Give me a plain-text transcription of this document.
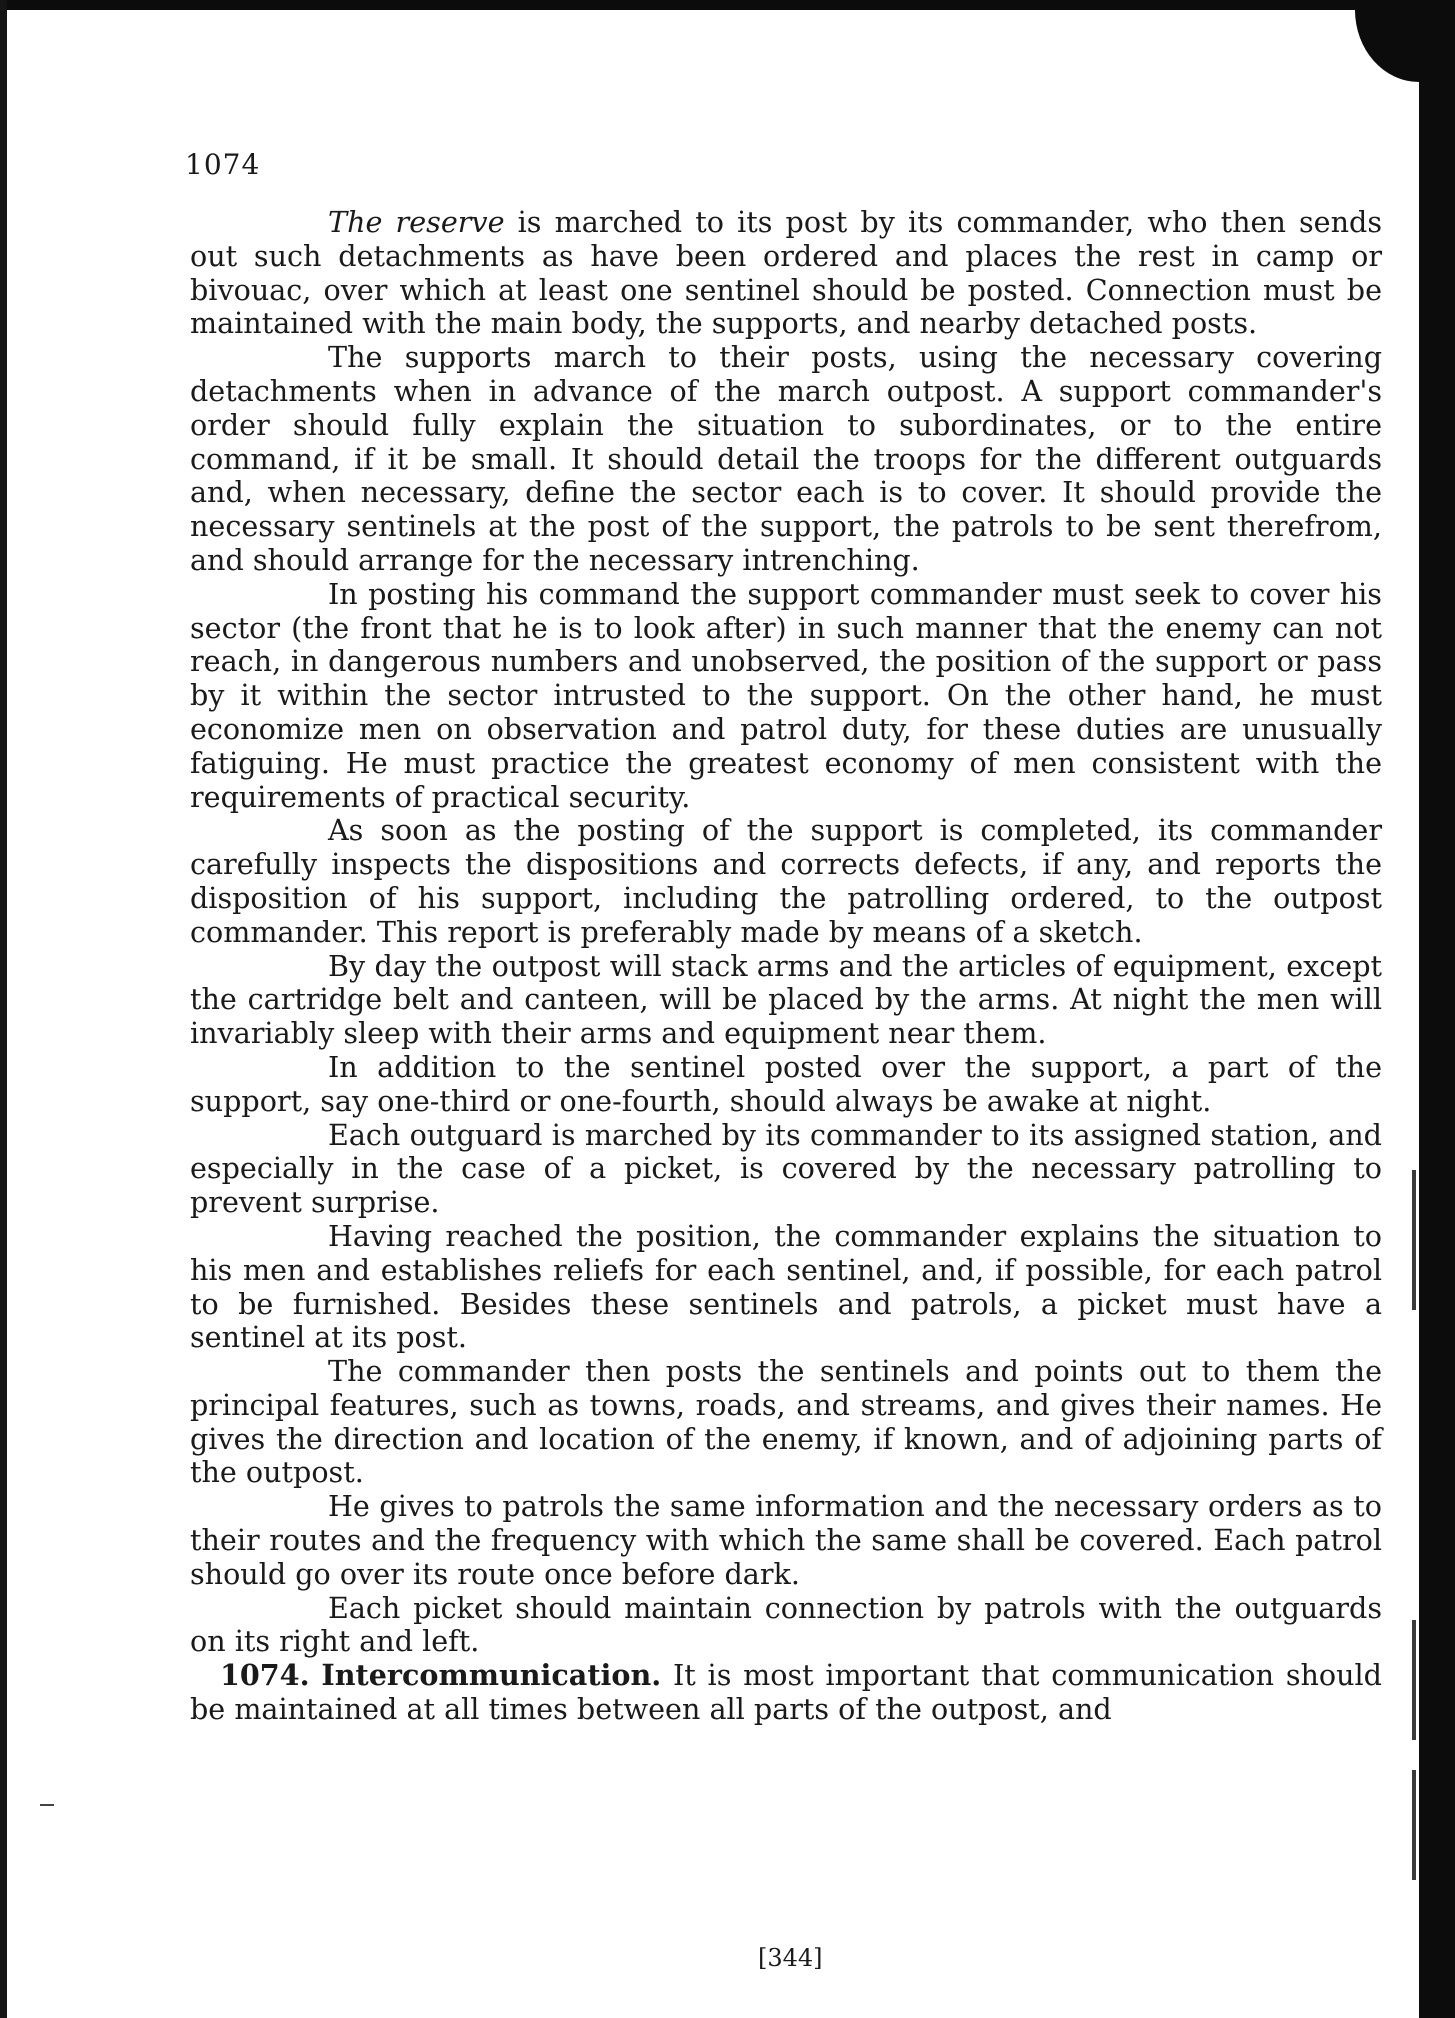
1074

The reserve is marched to its post by its commander, who then sends out such detachments as have been ordered and places the rest in camp or bivouac, over which at least one sentinel should be posted. Connection must be maintained with the main body, the supports, and nearby detached posts.

The supports march to their posts, using the necessary covering detachments when in advance of the march outpost. A support commander's order should fully explain the situation to subordinates, or to the entire command, if it be small. It should detail the troops for the different outguards and, when necessary, define the sector each is to cover. It should provide the necessary sentinels at the post of the support, the patrols to be sent therefrom, and should arrange for the necessary intrenching.

In posting his command the support commander must seek to cover his sector (the front that he is to look after) in such manner that the enemy can not reach, in dangerous numbers and unobserved, the position of the support or pass by it within the sector intrusted to the support. On the other hand, he must economize men on observation and patrol duty, for these duties are unusually fatiguing. He must practice the greatest economy of men consistent with the requirements of practical security.

As soon as the posting of the support is completed, its commander carefully inspects the dispositions and corrects defects, if any, and reports the disposition of his support, including the patrolling ordered, to the outpost commander. This report is preferably made by means of a sketch.

By day the outpost will stack arms and the articles of equipment, except the cartridge belt and canteen, will be placed by the arms. At night the men will invariably sleep with their arms and equipment near them.

In addition to the sentinel posted over the support, a part of the support, say one-third or one-fourth, should always be awake at night.

Each outguard is marched by its commander to its assigned station, and especially in the case of a picket, is covered by the necessary patrolling to prevent surprise.

Having reached the position, the commander explains the situation to his men and establishes reliefs for each sentinel, and, if possible, for each patrol to be furnished. Besides these sentinels and patrols, a picket must have a sentinel at its post.

The commander then posts the sentinels and points out to them the principal features, such as towns, roads, and streams, and gives their names. He gives the direction and location of the enemy, if known, and of adjoining parts of the outpost.

He gives to patrols the same information and the necessary orders as to their routes and the frequency with which the same shall be covered. Each patrol should go over its route once before dark.

Each picket should maintain connection by patrols with the outguards on its right and left.

1074. Intercommunication. It is most important that communication should be maintained at all times between all parts of the outpost, and

[344]
